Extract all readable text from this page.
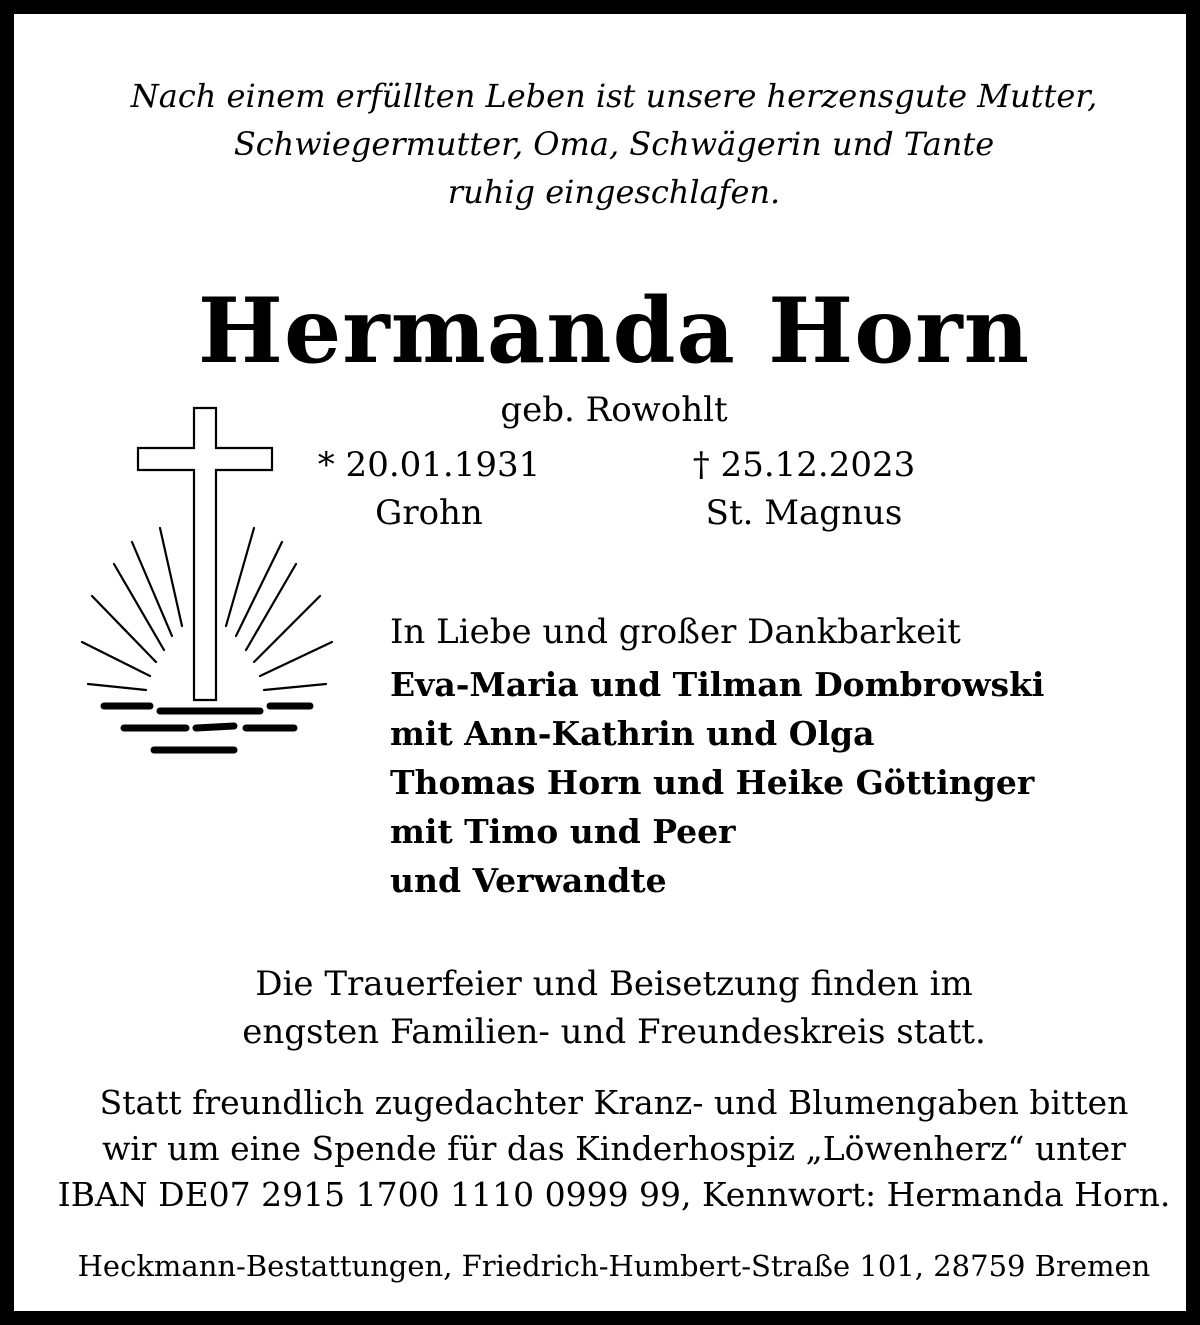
Nach einem erfüllten Leben ist unsere herzensgute Mutter,
Schwiegermutter, Oma, Schwägerin und Tante
ruhig eingeschlafen.
Hermanda Horn
geb. Rowohlt
* 20.01.1931
Grohn
† 25.12.2023
St. Magnus
In Liebe und großer Dankbarkeit
Eva-Maria und Tilman Dombrowski
mit Ann-Kathrin und Olga
Thomas Horn und Heike Göttinger
mit Timo und Peer
und Verwandte
Die Trauerfeier und Beisetzung finden im
engsten Familien- und Freundeskreis statt.
Statt freundlich zugedachter Kranz- und Blumengaben bitten
wir um eine Spende für das Kinderhospiz „Löwenherz“ unter
IBAN DE07 2915 1700 1110 0999 99, Kennwort: Hermanda Horn.
Heckmann-Bestattungen, Friedrich-Humbert-Straße 101, 28759 Bremen
